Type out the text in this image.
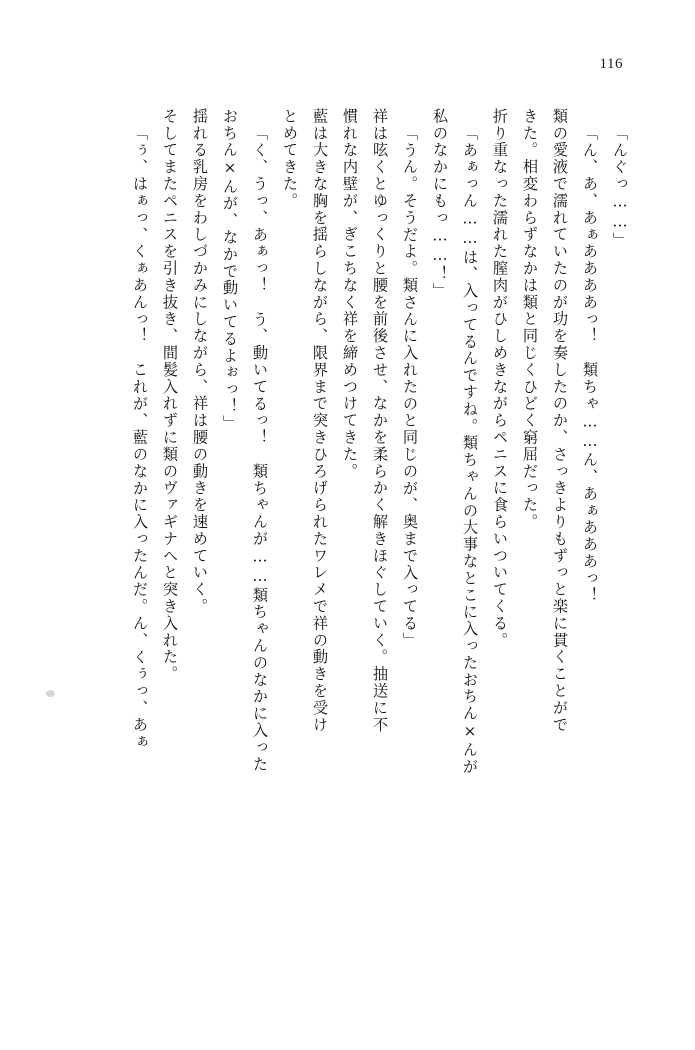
116
「んぐっ……」
「ん、あ、あぁああああっ！　類ちゃ……ん、あぁあああっ！
類の愛液で濡れていたのが功を奏したのか、さっきよりもずっと楽に貫くことがで
きた。相変わらずなかは類と同じくひどく窮屈だった。
折り重なった濡れた膣肉がひしめきながらペニスに食らいついてくる。
「あぁっん……は、入ってるんですね。類ちゃんの大事なとこに入ったおちん×んが
私のなかにもっ……！」
「うん。そうだよ。類さんに入れたのと同じのが、奥まで入ってる」
祥は呟くとゆっくりと腰を前後させ、なかを柔らかく解きほぐしていく。抽送に不
慣れな内壁が、ぎこちなく祥を締めつけてきた。
藍は大きな胸を揺らしながら、限界まで突きひろげられたワレメで祥の動きを受け
とめてきた。
「く、うっ、あぁっ！　う、動いてるっ！　類ちゃんが……類ちゃんのなかに入った
おちん×んが、なかで動いてるよぉっ！」
揺れる乳房をわしづかみにしながら、祥は腰の動きを速めていく。
そしてまたペニスを引き抜き、間髪入れずに類のヴァギナへと突き入れた。
「ぅ、はぁっ、くぁあんっ！　これが、藍のなかに入ったんだ。ん、くぅっ、あぁ
